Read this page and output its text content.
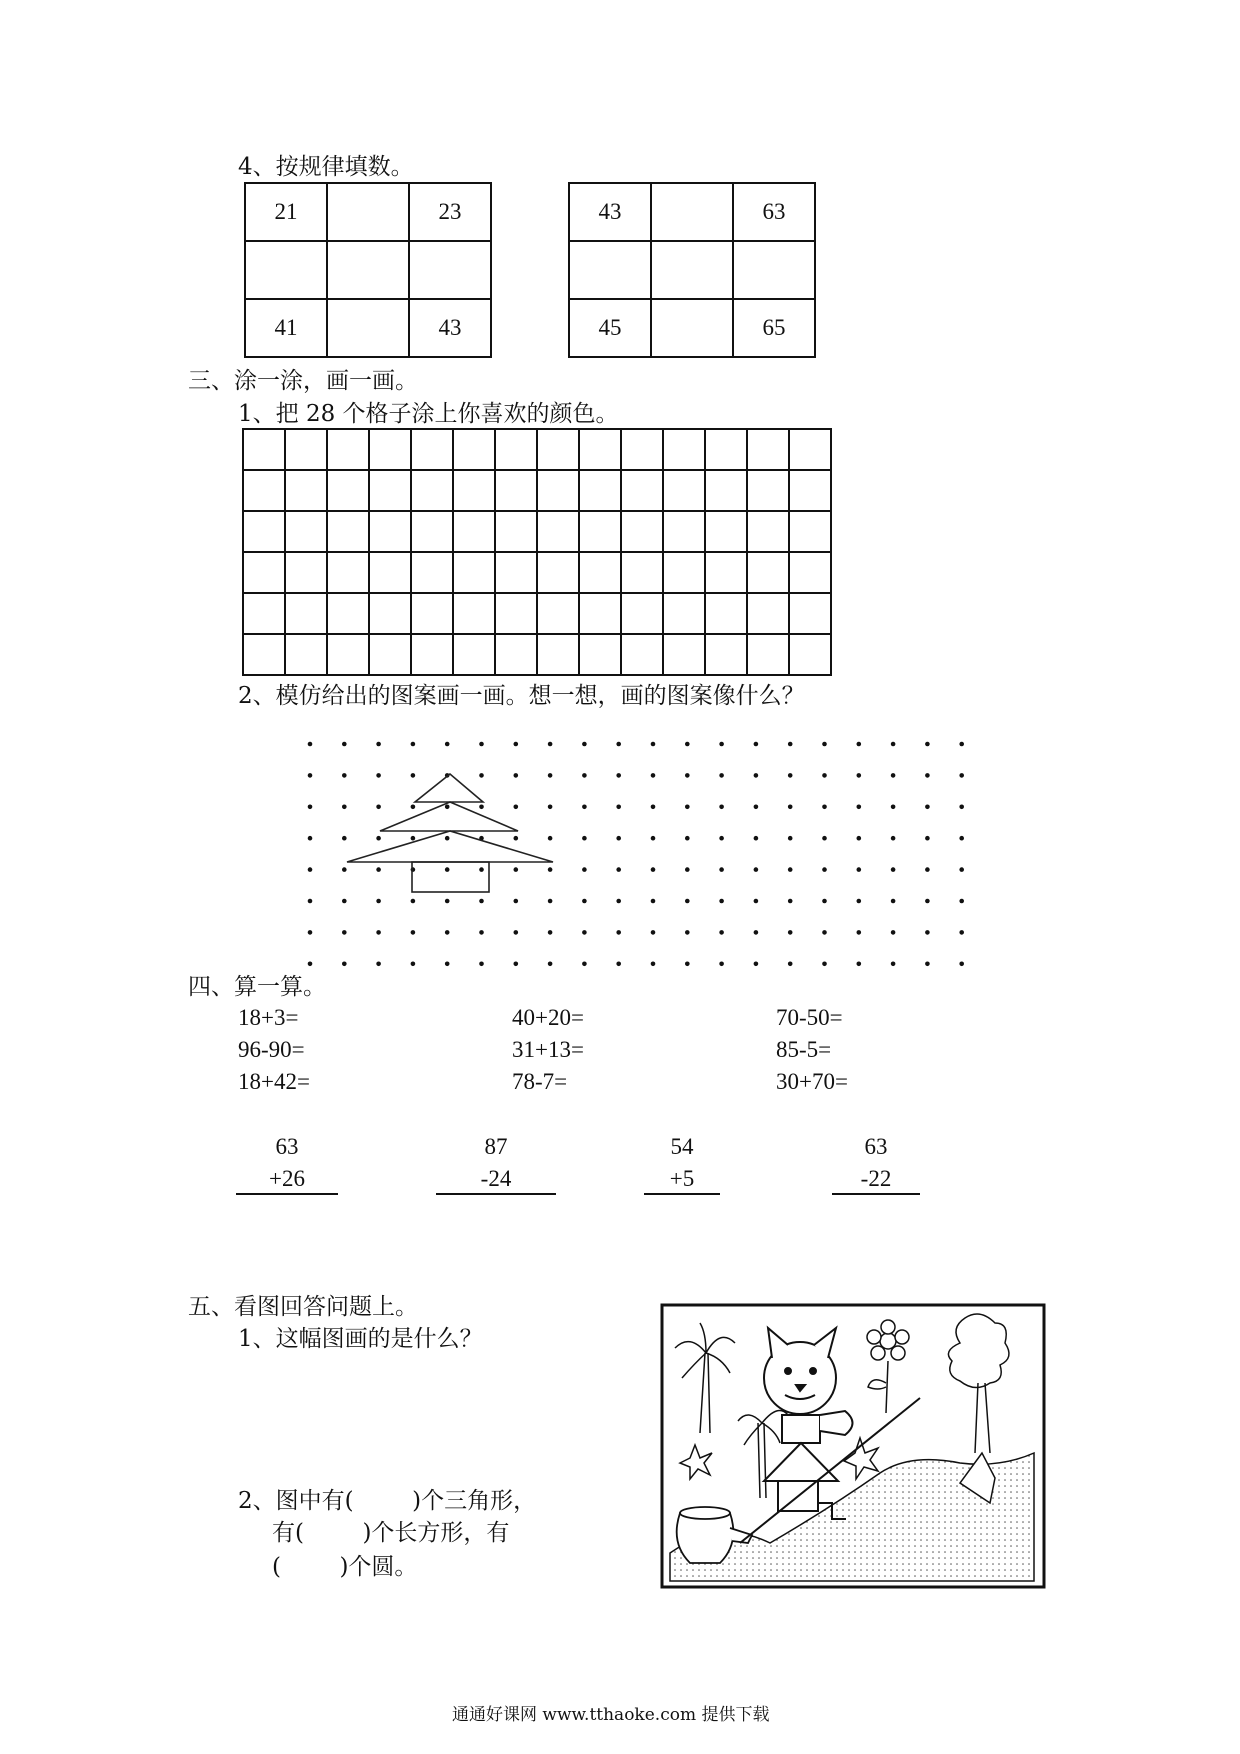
4、按规律填数。
21		23

41		43
43		63

45		65
三、涂一涂，画一画。
1、把 28 个格子涂上你喜欢的颜色。

2、模仿给出的图案画一画。想一想，画的图案像什么？
四、算一算。
18+3=	40+20=	70-50=
96-90=	31+13=	85-5=
18+42=	78-7=	30+70=
63
+26
87
-24
54
+5
63
-22
五、看图回答问题上。
1、这幅图画的是什么？
2、图中有(        )个三角形，
有(        )个长方形，有
(        )个圆。
通通好课网 www.tthaoke.com 提供下载
